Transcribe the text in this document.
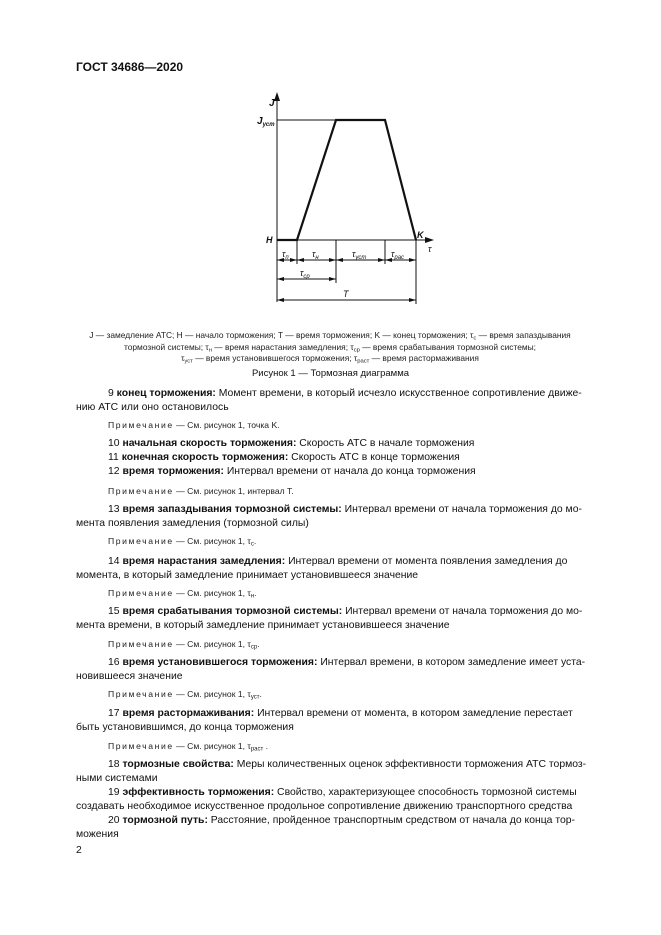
ГОСТ 34686—2020
J
$J_{уст}$
H	K
τ
$\tau_п$	$\tau_н$	$\tau_{уст}$	$\tau_{рас}$
$\tau_{ср}$
T
J — замедление АТС; H — начало торможения; T — время торможения; K — конец торможения; $\tau_с$ — время запаздывания
тормозной системы; $\tau_н$ — время нарастания замедления; $\tau_{ср}$ — время срабатывания тормозной системы;
$\tau_{уст}$ — время установившегося торможения; $\tau_{раст}$ — время растормаживания
Рисунок 1 — Тормозная диаграмма
9 конец торможения: Момент времени, в который исчезло искусственное сопротивление движе-
нию АТС или оно остановилось
Примечание — См. рисунок 1, точка K.
10 начальная скорость торможения: Скорость АТС в начале торможения
11 конечная скорость торможения: Скорость АТС в конце торможения
12 время торможения: Интервал времени от начала до конца торможения
Примечание — См. рисунок 1, интервал T.
13 время запаздывания тормозной системы: Интервал времени от начала торможения до мо-
мента появления замедления (тормозной силы)
Примечание — См. рисунок 1, $\tau_с$.
14 время нарастания замедления: Интервал времени от момента появления замедления до
момента, в который замедление принимает установившееся значение
Примечание — См. рисунок 1, $\tau_н$.
15 время срабатывания тормозной системы: Интервал времени от начала торможения до мо-
мента времени, в который замедление принимает установившееся значение
Примечание — См. рисунок 1, $\tau_{ср}$.
16 время установившегося торможения: Интервал времени, в котором замедление имеет уста-
новившееся значение
Примечание — См. рисунок 1, $\tau_{уст}$.
17 время растормаживания: Интервал времени от момента, в котором замедление перестает
быть установившимся, до конца торможения
Примечание — См. рисунок 1, $\tau_{раст}$ .
18 тормозные свойства: Меры количественных оценок эффективности торможения АТС тормоз-
ными системами
19 эффективность торможения: Свойство, характеризующее способность тормозной системы
создавать необходимое искусственное продольное сопротивление движению транспортного средства
20 тормозной путь: Расстояние, пройденное транспортным средством от начала до конца тор-
можения
2
